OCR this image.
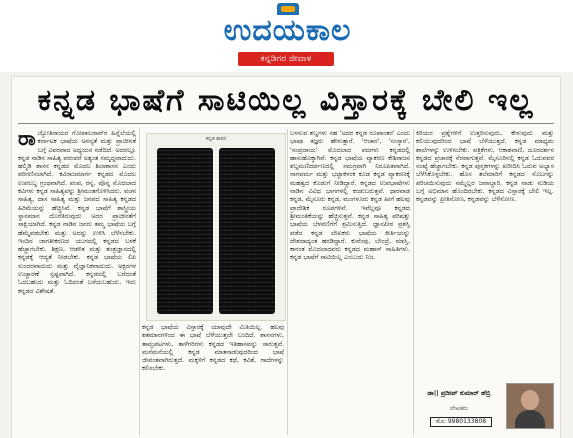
ಉದಯಕಾಲ
ಕನ್ನಡಿಗರ ಜೀವಾಳ
ಕನ್ನಡ ಭಾಷೆಗೆ ಸಾಟಿಯಿಲ್ಲ ವಿಸ್ತಾರಕ್ಕೆ ಬೇಲಿ ಇಲ್ಲ
ರಾ ಜ್ಯೋತಿರಾಯರ ಗೋಪಾಲರಾವ್‌ರ ಹಿನ್ನೆಲೆಯಲ್ಲಿ ಕರ್ನಾಟಕ ಭಾಷೆಯ ಅನನ್ಯತೆ ಮತ್ತು ಪ್ರಾಚೀನತೆ ಬಗ್ಗೆ ವಿವರವಾದ ಅಧ್ಯಯನ ನಡೆದಿದೆ. ಅದರಲ್ಲೂ ಕನ್ನಡ ನಾಡಿನ ಸಾಹಿತ್ಯ ಪರಂಪರೆ ಅತ್ಯಂತ ಸಮೃದ್ಧವಾದುದು. ಹಲ್ಮಿಡಿ ಶಾಸನ ಕನ್ನಡದ ಮೊದಲ ಶಿಲಾಶಾಸನ ಎಂದು ಪರಿಗಣಿಸಲಾಗಿದೆ. ಕವಿರಾಜಮಾರ್ಗ ಕನ್ನಡದ ಮೊದಲ ಉಪಲಬ್ಧ ಗ್ರಂಥವಾಗಿದೆ. ಪಂಪ, ರನ್ನ, ಪೊನ್ನ ಮೊದಲಾದ ಕವಿಗಳು ಕನ್ನಡ ಸಾಹಿತ್ಯವನ್ನು ಶ್ರೀಮಂತಗೊಳಿಸಿದರು. ವಚನ ಸಾಹಿತ್ಯ, ದಾಸ ಸಾಹಿತ್ಯ ಮತ್ತು ಜನಪದ ಸಾಹಿತ್ಯ ಕನ್ನಡದ ಹಿರಿಮೆಯನ್ನು ಹೆಚ್ಚಿಸಿವೆ. ಕನ್ನಡ ಭಾಷೆಗೆ ಶಾಸ್ತ್ರೀಯ ಸ್ಥಾನಮಾನ ದೊರೆತಿರುವುದು ಅದರ ಪ್ರಾಚೀನತೆಗೆ ಸಾಕ್ಷಿಯಾಗಿದೆ. ಕನ್ನಡ ನಾಡಿನ ಜನರು ತಮ್ಮ ಭಾಷೆಯ ಬಗ್ಗೆ ಹೆಮ್ಮೆಪಡಬೇಕು ಮತ್ತು ಅದನ್ನು ಉಳಿಸಿ ಬೆಳೆಸಬೇಕು. ಇಂದಿನ ಜಾಗತೀಕರಣದ ಯುಗದಲ್ಲಿ ಕನ್ನಡದ ಬಳಕೆ ಹೆಚ್ಚಾಗಬೇಕು. ಶಿಕ್ಷಣ, ಆಡಳಿತ ಮತ್ತು ತಂತ್ರಜ್ಞಾನದಲ್ಲಿ ಕನ್ನಡಕ್ಕೆ ಆದ್ಯತೆ ನೀಡಬೇಕು. ಕನ್ನಡ ಭಾಷೆಯ ಲಿಪಿ ಸುಂದರವಾದುದು ಮತ್ತು ವೈಜ್ಞಾನಿಕವಾದುದು. ಅಕ್ಷರಗಳ ಉಚ್ಚಾರಣೆ ಸ್ಪಷ್ಟವಾಗಿದೆ. ಕನ್ನಡದಲ್ಲಿ ಬರೆದಂತೆ ಓದಬಹುದು ಮತ್ತು ಓದಿದಂತೆ ಬರೆಯಬಹುದು. ಇದು ಕನ್ನಡದ ವಿಶೇಷತೆ.
ಕನ್ನಡ ಶಾಸನ
ಕನ್ನಡ ಭಾಷೆಯ ವಿಸ್ತಾರಕ್ಕೆ ಯಾವುದೇ ಮಿತಿಯಿಲ್ಲ. ಹಲವು ಶತಮಾನಗಳಿಂದ ಈ ಭಾಷೆ ಬೆಳೆಯುತ್ತಲೇ ಬಂದಿದೆ. ಶಾಸನಗಳು, ತಾಮ್ರಪಟಗಳು, ತಾಳೆಗರಿಗಳು ಕನ್ನಡದ ಇತಿಹಾಸವನ್ನು ಸಾರುತ್ತವೆ. ಮನೆಮನೆಯಲ್ಲಿ ಕನ್ನಡ ಮಾತನಾಡುವುದರಿಂದ ಭಾಷೆ ಜೀವಂತವಾಗಿರುತ್ತದೆ. ಮಕ್ಕಳಿಗೆ ಕನ್ನಡದ ಕಥೆ, ಕವಿತೆ, ಗಾದೆಗಳನ್ನು ಕಲಿಸಬೇಕು.
ಬಳಸುವ ಶಬ್ದಗಳು ಸಹ 'ಅದರ ಕನ್ನಡ ರೂಪಾಂತರ' ಎಂದು ಭಾಷಾ ತಜ್ಞರು ಹೇಳುತ್ತಾರೆ. 'ಆಚಾರ', 'ಸಂಸ್ಕಾರ', 'ಸಂಪ್ರದಾಯ' ಮೊದಲಾದ ಪದಗಳು ಕನ್ನಡದಲ್ಲಿ ಹಾಸುಹೊಕ್ಕಾಗಿವೆ. ಕನ್ನಡ ಭಾಷೆಯ ವ್ಯಾಕರಣ ಕೇಶಿರಾಜನ ಶಬ್ದಮಣಿದರ್ಪಣದಲ್ಲಿ ಸಮಗ್ರವಾಗಿ ನಿರೂಪಿತವಾಗಿದೆ. ನಾಗವರ್ಮ ಮತ್ತು ಭಟ್ಟಾಕಳಂಕ ಕೂಡ ಕನ್ನಡ ವ್ಯಾಕರಣಕ್ಕೆ ಮಹತ್ವದ ಕೊಡುಗೆ ನೀಡಿದ್ದಾರೆ. ಕನ್ನಡದ ಉಪಭಾಷೆಗಳು ನಾಡಿನ ವಿವಿಧ ಭಾಗಗಳಲ್ಲಿ ಕಂಡುಬರುತ್ತವೆ. ಧಾರವಾಡ ಕನ್ನಡ, ಮೈಸೂರು ಕನ್ನಡ, ಮಂಗಳೂರು ಕನ್ನಡ ಹೀಗೆ ಹಲವು ಪ್ರಾದೇಶಿಕ ರೂಪಗಳಿವೆ. ಇವೆಲ್ಲವೂ ಕನ್ನಡದ ಶ್ರೀಮಂತಿಕೆಯನ್ನು ಹೆಚ್ಚಿಸುತ್ತವೆ. ಕನ್ನಡ ಸಾಹಿತ್ಯ ಪರಿಷತ್ತು ಭಾಷೆಯ ಬೆಳವಣಿಗೆಗೆ ಶ್ರಮಿಸುತ್ತಿದೆ. ಜ್ಞಾನಪೀಠ ಪ್ರಶಸ್ತಿ ಪಡೆದ ಕನ್ನಡ ಲೇಖಕರು ಭಾಷೆಯ ಕೀರ್ತಿಯನ್ನು ದೇಶದಾದ್ಯಂತ ಹರಡಿದ್ದಾರೆ. ಕುವೆಂಪು, ಬೇಂದ್ರೆ, ಮಾಸ್ತಿ, ಕಾರಂತ ಮೊದಲಾದವರು ಕನ್ನಡದ ಮಹಾನ್ ಸಾಹಿತಿಗಳು. ಕನ್ನಡ ಭಾಷೆಗೆ ಸಾಟಿಯಿಲ್ಲ ಎಂಬುದು ನಿಜ.
ಕಿರಿಯರ ಪ್ರಶ್ನೆಗಳಿಗೆ ಉತ್ತರಿಸುವುದು, ಕೇಳುವುದು ಮತ್ತು ಕಲಿಯುವುದರಿಂದ ಭಾಷೆ ಬೆಳೆಯುತ್ತದೆ. ಕನ್ನಡ ಮಾಧ್ಯಮ ಶಾಲೆಗಳನ್ನು ಉಳಿಸಬೇಕು. ಪತ್ರಿಕೆಗಳು, ಆಕಾಶವಾಣಿ, ದೂರದರ್ಶನ ಕನ್ನಡದ ಪ್ರಚಾರಕ್ಕೆ ನೆರವಾಗುತ್ತವೆ. ಮೈಸೂರಿನಲ್ಲಿ ಕನ್ನಡ ಓದುವವರ ಸಂಖ್ಯೆ ಹೆಚ್ಚಾಗಬೇಕು. ಕನ್ನಡ ಪುಸ್ತಕಗಳನ್ನು ಖರೀದಿಸಿ ಓದುವ ಅಭ್ಯಾಸ ಬೆಳೆಸಿಕೊಳ್ಳಬೇಕು. ಹೊಸ ತಲೆಮಾರಿಗೆ ಕನ್ನಡದ ಸೊಬಗನ್ನು ಪರಿಚಯಿಸುವುದು ನಮ್ಮೆಲ್ಲರ ಜವಾಬ್ದಾರಿ. ಕನ್ನಡ ನಾಡು ನುಡಿಯ ಬಗ್ಗೆ ಅಭಿಮಾನ ಹೊಂದಿರಬೇಕು. ಕನ್ನಡದ ವಿಸ್ತಾರಕ್ಕೆ ಬೇಲಿ ಇಲ್ಲ. ಕನ್ನಡವನ್ನು ಪ್ರೀತಿಸೋಣ, ಕನ್ನಡವನ್ನು ಬೆಳೆಸೋಣ.
ಡಾ|| ಪ್ರದೀಪ್ ಕುಮಾರ್ ಹೆಬ್ರಿ
ಲೇಖಕರು
ಮೊ: 9980133808
